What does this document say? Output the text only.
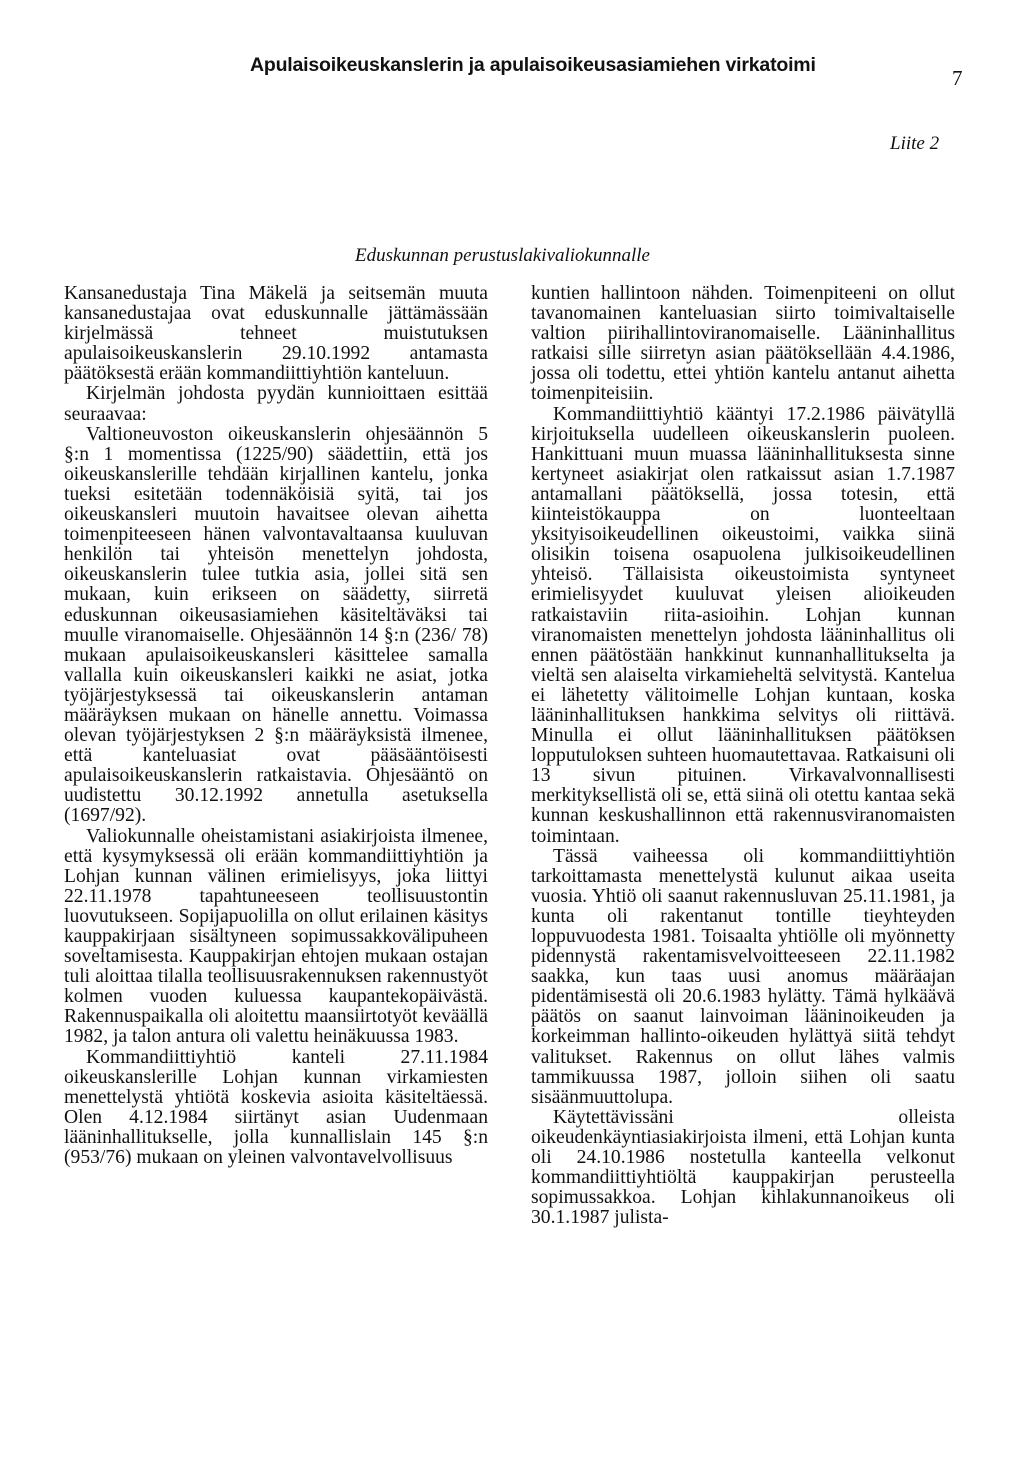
Apulaisoikeuskanslerin ja apulaisoikeusasiamiehen virkatoimi
7
Liite 2
Eduskunnan perustuslakivaliokunnalle

Kansanedustaja Tina Mäkelä ja seitsemän muuta kansanedustajaa ovat eduskunnalle jättämässään kirjelmässä tehneet muistutuksen apulaisoikeuskanslerin 29.10.1992 antamasta päätöksestä erään kommandiittiyhtiön kanteluun.

Kirjelmän johdosta pyydän kunnioittaen esittää seuraavaa:

Valtioneuvoston oikeuskanslerin ohjesäännön 5 §:n 1 momentissa (1225/90) säädettiin, että jos oikeuskanslerille tehdään kirjallinen kantelu, jonka tueksi esitetään todennäköisiä syitä, tai jos oikeuskansleri muutoin havaitsee olevan aihetta toimenpiteeseen hänen valvontavaltaansa kuuluvan henkilön tai yhteisön menettelyn johdosta, oikeuskanslerin tulee tutkia asia, jollei sitä sen mukaan, kuin erikseen on säädetty, siirretä eduskunnan oikeusasiamiehen käsiteltäväksi tai muulle viranomaiselle. Ohjesäännön 14 §:n (236/ 78) mukaan apulaisoikeuskansleri käsittelee samalla vallalla kuin oikeuskansleri kaikki ne asiat, jotka työjärjestyksessä tai oikeuskanslerin antaman määräyksen mukaan on hänelle annettu. Voimassa olevan työjärjestyksen 2 §:n määräyksistä ilmenee, että kanteluasiat ovat pääsääntöisesti apulaisoikeuskanslerin ratkaistavia. Ohjesääntö on uudistettu 30.12.1992 annetulla asetuksella (1697/92).

Valiokunnalle oheistamistani asiakirjoista ilmenee, että kysymyksessä oli erään kommandiittiyhtiön ja Lohjan kunnan välinen erimielisyys, joka liittyi 22.11.1978 tapahtuneeseen teollisuustontin luovutukseen. Sopijapuolilla on ollut erilainen käsitys kauppakirjaan sisältyneen sopimussakkovälipuheen soveltamisesta. Kauppakirjan ehtojen mukaan ostajan tuli aloittaa tilalla teollisuusrakennuksen rakennustyöt kolmen vuoden kuluessa kaupantekopäivästä. Rakennuspaikalla oli aloitettu maansiirtotyöt keväällä 1982, ja talon antura oli valettu heinäkuussa 1983.

Kommandiittiyhtiö kanteli 27.11.1984 oikeuskanslerille Lohjan kunnan virkamiesten menettelystä yhtiötä koskevia asioita käsiteltäessä. Olen 4.12.1984 siirtänyt asian Uudenmaan lääninhallitukselle, jolla kunnallislain 145 §:n (953/76) mukaan on yleinen valvontavelvollisuus

kuntien hallintoon nähden. Toimenpiteeni on ollut tavanomainen kanteluasian siirto toimivaltaiselle valtion piirihallintoviranomaiselle. Lääninhallitus ratkaisi sille siirretyn asian päätöksellään 4.4.1986, jossa oli todettu, ettei yhtiön kantelu antanut aihetta toimenpiteisiin.

Kommandiittiyhtiö kääntyi 17.2.1986 päivätyllä kirjoituksella uudelleen oikeuskanslerin puoleen. Hankittuani muun muassa lääninhallituksesta sinne kertyneet asiakirjat olen ratkaissut asian 1.7.1987 antamallani päätöksellä, jossa totesin, että kiinteistökauppa on luonteeltaan yksityisoikeudellinen oikeustoimi, vaikka siinä olisikin toisena osapuolena julkisoikeudellinen yhteisö. Tällaisista oikeustoimista syntyneet erimielisyydet kuuluvat yleisen alioikeuden ratkaistaviin riita-asioihin. Lohjan kunnan viranomaisten menettelyn johdosta lääninhallitus oli ennen päätöstään hankkinut kunnanhallitukselta ja vieltä sen alaiselta virkamieheltä selvitystä. Kantelua ei lähetetty välitoimelle Lohjan kuntaan, koska lääninhallituksen hankkima selvitys oli riittävä. Minulla ei ollut lääninhallituksen päätöksen lopputuloksen suhteen huomautettavaa. Ratkaisuni oli 13 sivun pituinen. Virkavalvonnallisesti merkityksellistä oli se, että siinä oli otettu kantaa sekä kunnan keskushallinnon että rakennusviranomaisten toimintaan.

Tässä vaiheessa oli kommandiittiyhtiön tarkoittamasta menettelystä kulunut aikaa useita vuosia. Yhtiö oli saanut rakennusluvan 25.11.1981, ja kunta oli rakentanut tontille tieyhteyden loppuvuodesta 1981. Toisaalta yhtiölle oli myönnetty pidennystä rakentamisvelvoitteeseen 22.11.1982 saakka, kun taas uusi anomus määräajan pidentämisestä oli 20.6.1983 hylätty. Tämä hylkäävä päätös on saanut lainvoiman lääninoikeuden ja korkeimman hallinto-oikeuden hylättyä siitä tehdyt valitukset. Rakennus on ollut lähes valmis tammikuussa 1987, jolloin siihen oli saatu sisäänmuuttolupa.

Käytettävissäni olleista oikeudenkäyntiasiakirjoista ilmeni, että Lohjan kunta oli 24.10.1986 nostetulla kanteella velkonut kommandiittiyhtiöltä kauppakirjan perusteella sopimussakkoa. Lohjan kihlakunnanoikeus oli 30.1.1987 julista-
